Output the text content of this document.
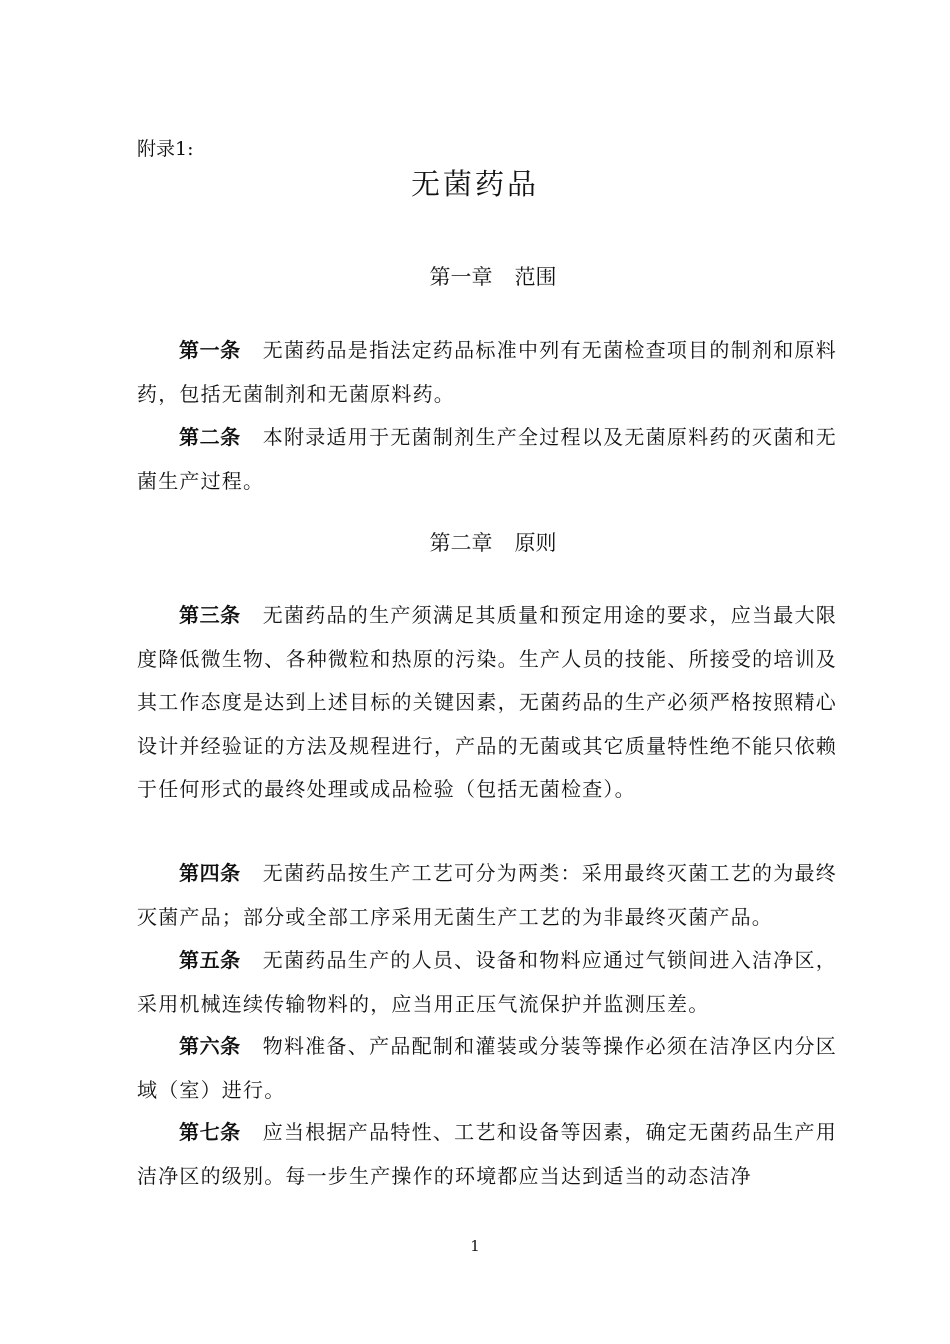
附录1:
无菌药品
第一章 范围
第一条 无菌药品是指法定药品标准中列有无菌检查项目的制剂和原料药，包括无菌制剂和无菌原料药。
第二条 本附录适用于无菌制剂生产全过程以及无菌原料药的灭菌和无菌生产过程。
第二章 原则
第三条 无菌药品的生产须满足其质量和预定用途的要求，应当最大限度降低微生物、各种微粒和热原的污染。生产人员的技能、所接受的培训及其工作态度是达到上述目标的关键因素，无菌药品的生产必须严格按照精心设计并经验证的方法及规程进行，产品的无菌或其它质量特性绝不能只依赖于任何形式的最终处理或成品检验（包括无菌检查）。
第四条 无菌药品按生产工艺可分为两类：采用最终灭菌工艺的为最终灭菌产品；部分或全部工序采用无菌生产工艺的为非最终灭菌产品。
第五条 无菌药品生产的人员、设备和物料应通过气锁间进入洁净区，采用机械连续传输物料的，应当用正压气流保护并监测压差。
第六条 物料准备、产品配制和灌装或分装等操作必须在洁净区内分区域（室）进行。
第七条 应当根据产品特性、工艺和设备等因素，确定无菌药品生产用洁净区的级别。每一步生产操作的环境都应当达到适当的动态洁净
1
